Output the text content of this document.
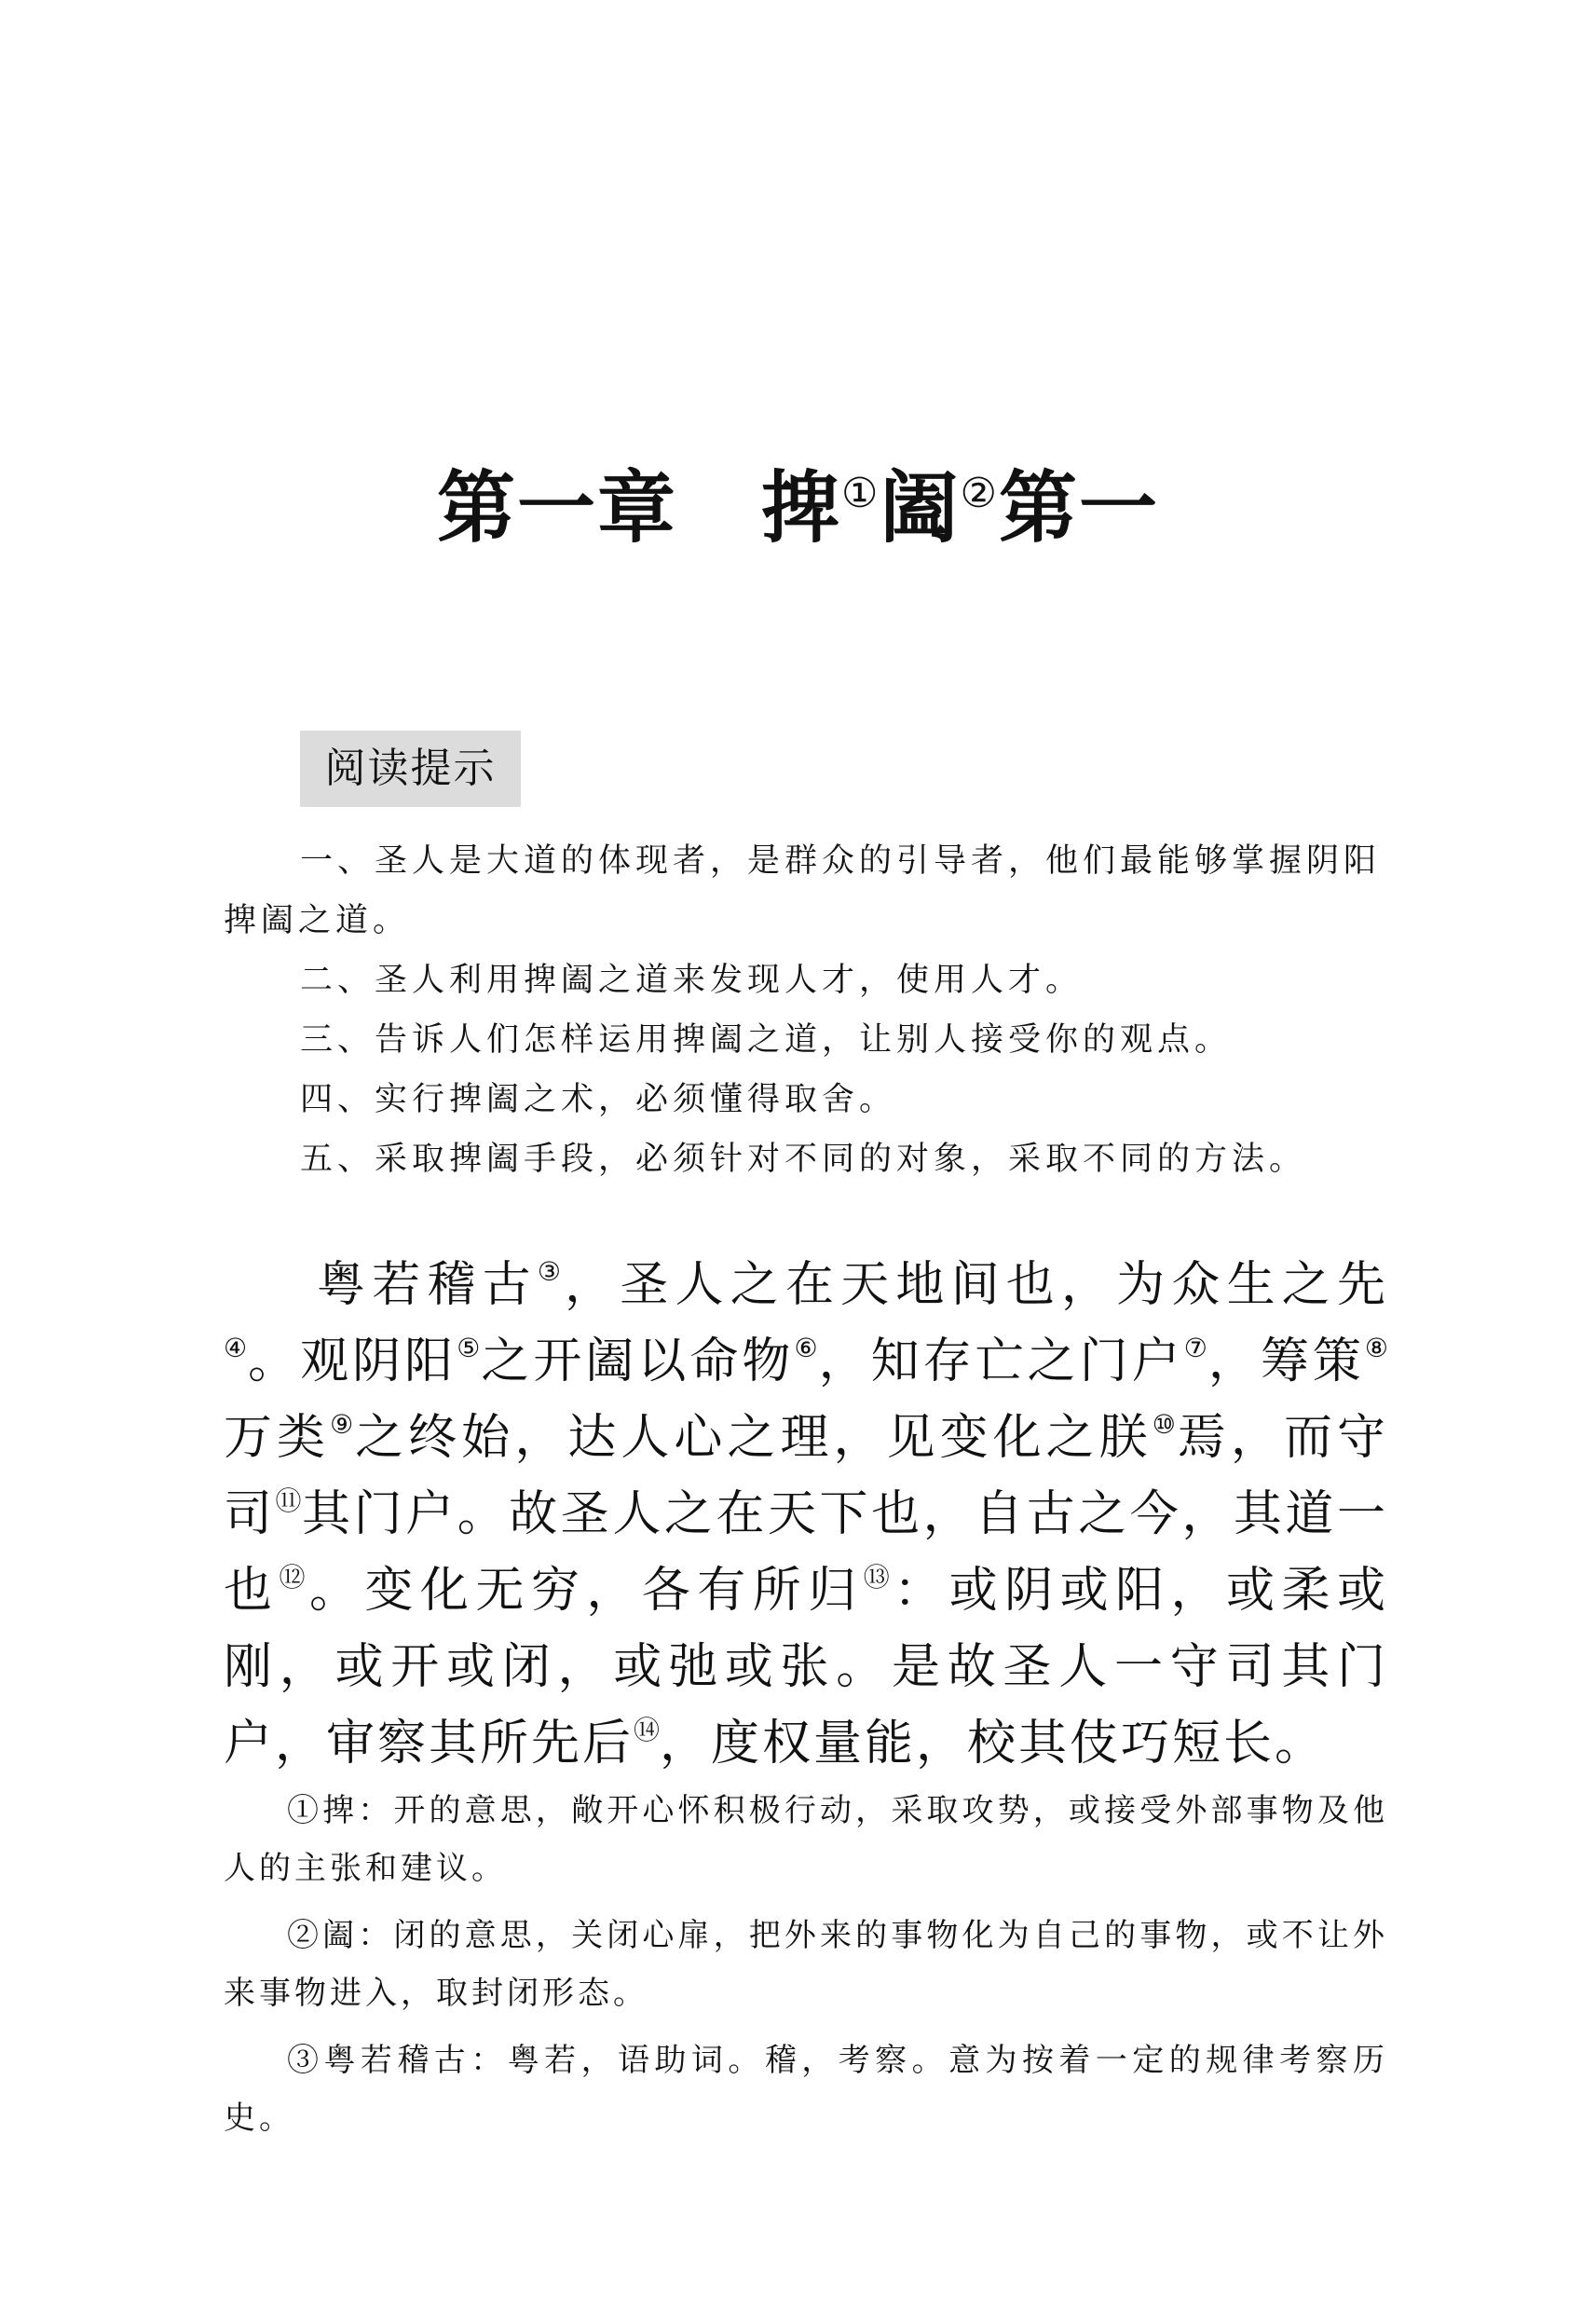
第一章 捭①阖②第一
阅读提示

一、圣人是大道的体现者，是群众的引导者，他们最能够掌握阴阳捭阖之道。

二、圣人利用捭阖之道来发现人才，使用人才。

三、告诉人们怎样运用捭阖之道，让别人接受你的观点。

四、实行捭阖之术，必须懂得取舍。

五、采取捭阖手段，必须针对不同的对象，采取不同的方法。

粤若稽古③，圣人之在天地间也，为众生之先④。观阴阳⑤之开阖以命物⑥，知存亡之门户⑦，筹策⑧万类⑨之终始，达人心之理，见变化之朕⑩焉，而守司⑪其门户。故圣人之在天下也，自古之今，其道一也⑫。变化无穷，各有所归⑬：或阴或阳，或柔或刚，或开或闭，或弛或张。是故圣人一守司其门户，审察其所先后⑭，度权量能，校其伎巧短长。

①捭：开的意思，敞开心怀积极行动，采取攻势，或接受外部事物及他人的主张和建议。

②阖：闭的意思，关闭心扉，把外来的事物化为自己的事物，或不让外来事物进入，取封闭形态。

③粤若稽古：粤若，语助词。稽，考察。意为按着一定的规律考察历史。
